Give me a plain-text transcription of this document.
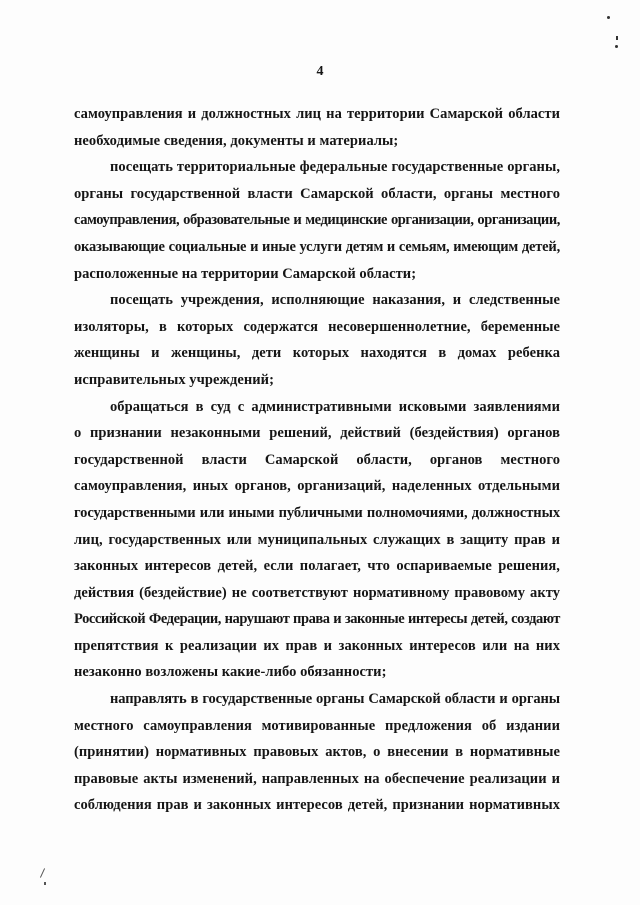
4

самоуправления и должностных лиц на территории Самарской области
необходимые сведения, документы и материалы;

посещать территориальные федеральные государственные органы,
органы государственной власти Самарской области, органы местного
самоуправления, образовательные и медицинские организации, организации,
оказывающие социальные и иные услуги детям и семьям, имеющим детей,
расположенные на территории Самарской области;

посещать учреждения, исполняющие наказания, и следственные
изоляторы, в которых содержатся несовершеннолетние, беременные
женщины и женщины, дети которых находятся в домах ребенка
исправительных учреждений;

обращаться в суд с административными исковыми заявлениями
о признании незаконными решений, действий (бездействия) органов
государственной власти Самарской области, органов местного
самоуправления, иных органов, организаций, наделенных отдельными
государственными или иными публичными полномочиями, должностных
лиц, государственных или муниципальных служащих в защиту прав и
законных интересов детей, если полагает, что оспариваемые решения,
действия (бездействие) не соответствуют нормативному правовому акту
Российской Федерации, нарушают права и законные интересы детей, создают
препятствия к реализации их прав и законных интересов или на них
незаконно возложены какие-либо обязанности;

направлять в государственные органы Самарской области и органы
местного самоуправления мотивированные предложения об издании
(принятии) нормативных правовых актов, о внесении в нормативные
правовые акты изменений, направленных на обеспечение реализации и
соблюдения прав и законных интересов детей, признании нормативных
